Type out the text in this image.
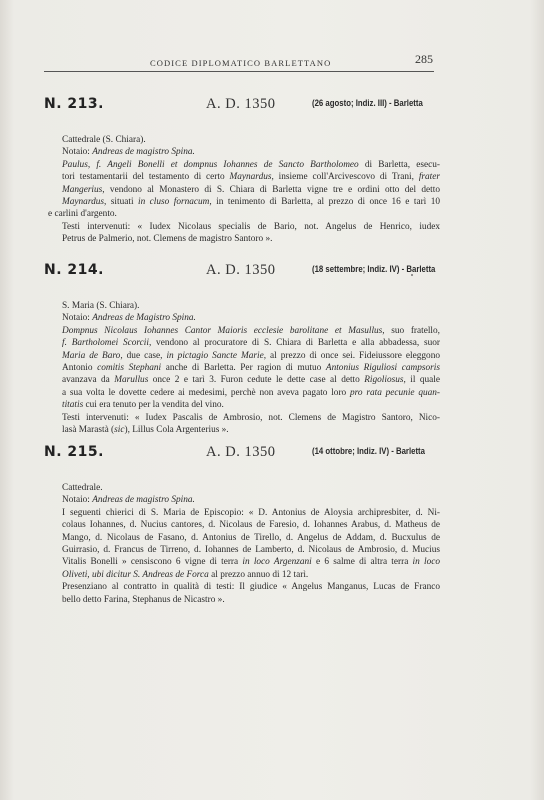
CODICE DIPLOMATICO BARLETTANO	285
N. 213.	A. D. 1350	(26 agosto; Indiz. III) - Barletta

Cattedrale (S. Chiara).

Notaio: Andreas de magistro Spina.

Paulus, f. Angeli Bonelli et dompnus Iohannes de Sancto Bartholomeo di Barletta, esecu-

tori testamentarii del testamento di certo Maynardus, insieme coll'Arcivescovo di Trani, frater

Mangerius, vendono al Monastero di S. Chiara di Barletta vigne tre e ordini otto del detto

Maynardus, situati in cluso fornacum, in tenimento di Barletta, al prezzo di once 16 e tarì 10

e carlini d'argento.

Testi intervenuti: « Iudex Nicolaus specialis de Bario, not. Angelus de Henrico, iudex

Petrus de Palmerio, not. Clemens de magistro Santoro ».

N. 214.	A. D. 1350	(18 settembre; Indiz. IV) - Barletta

S. Maria (S. Chiara).

Notaio: Andreas de Magistro Spina.

Dompnus Nicolaus Iohannes Cantor Maioris ecclesie barolitane et Masullus, suo fratello,

f. Bartholomei Scorcii, vendono al procuratore di S. Chiara di Barletta e alla abbadessa, suor

Maria de Baro, due case, in pictagio Sancte Marie, al prezzo di once sei. Fideiussore eleggono

Antonio comitis Stephani anche di Barletta. Per ragion di mutuo Antonius Riguliosi campsoris

avanzava da Marullus once 2 e tarì 3. Furon cedute le dette case al detto Rigoliosus, il quale

a sua volta le dovette cedere ai medesimi, perchè non aveva pagato loro pro rata pecunie quan-

titatis cui era tenuto per la vendita del vino.

Testi intervenuti: « Iudex Pascalis de Ambrosio, not. Clemens de Magistro Santoro, Nico-

lasà Marastà (sic), Lillus Cola Argenterius ».

N. 215.	A. D. 1350	(14 ottobre; Indiz. IV) - Barletta

Cattedrale.

Notaio: Andreas de magistro Spina.

I seguenti chierici di S. Maria de Episcopio: « D. Antonius de Aloysia archipresbiter, d. Ni-

colaus Iohannes, d. Nucius cantores, d. Nicolaus de Faresio, d. Iohannes Arabus, d. Matheus de

Mango, d. Nicolaus de Fasano, d. Antonius de Tirello, d. Angelus de Addam, d. Bucxulus de

Guirrasio, d. Francus de Tirreno, d. Iohannes de Lamberto, d. Nicolaus de Ambrosio, d. Mucius

Vitalis Bonelli » censiscono 6 vigne di terra in loco Argenzani e 6 salme di altra terra in loco

Oliveti, ubi dicitur S. Andreas de Forca al prezzo annuo di 12 tarì.

Presenziano al contratto in qualità di testi: Il giudice « Angelus Manganus, Lucas de Franco

bello detto Farina, Stephanus de Nicastro ».
